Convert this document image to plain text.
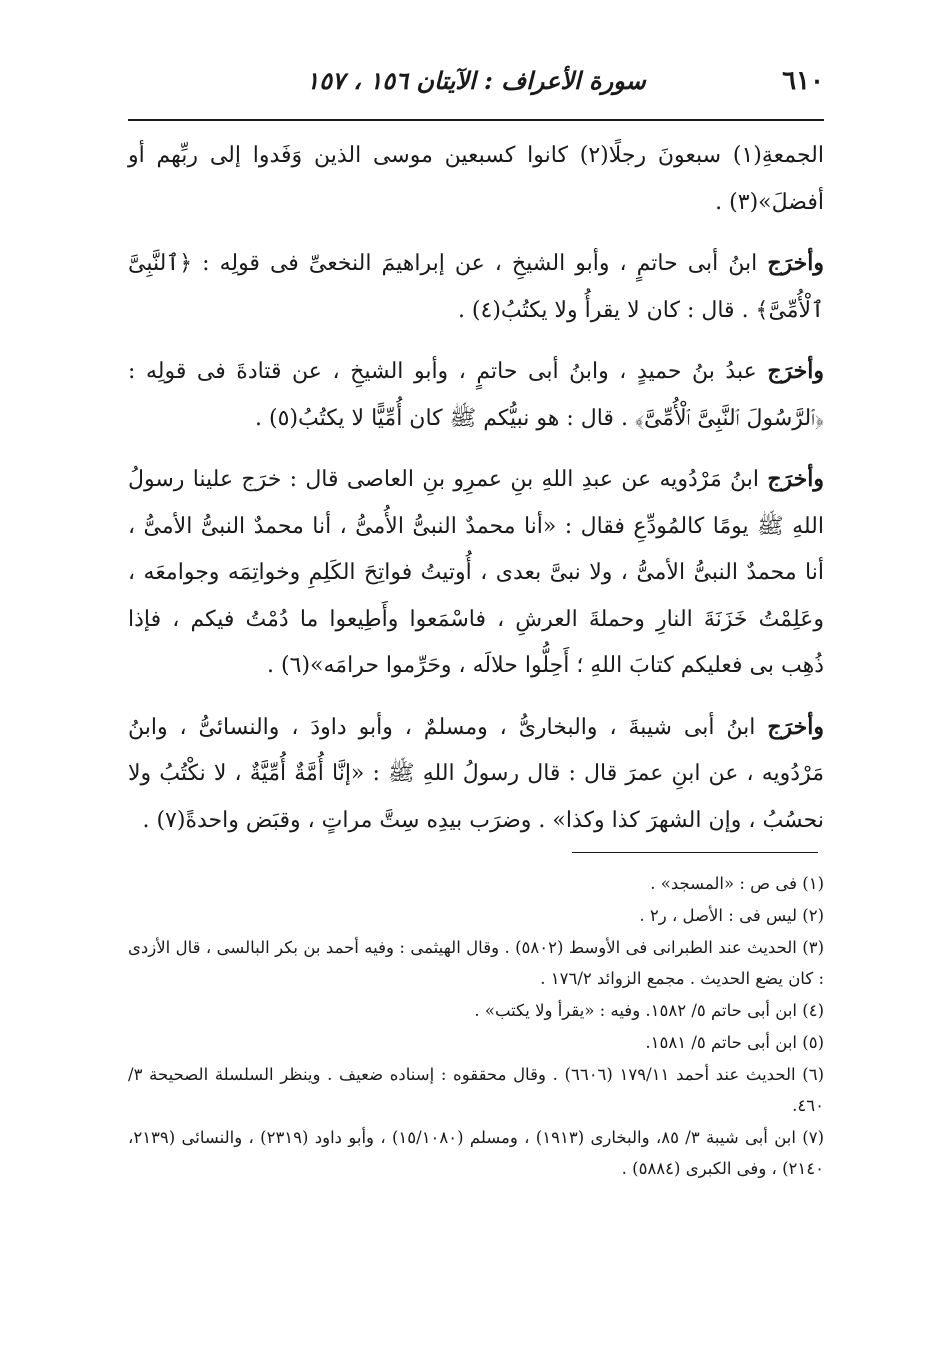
٦١٠
سورة الأعراف : الآيتان ١٥٦ ، ١٥٧

الجمعةِ(١) سبعونَ رجلًا(٢) كانوا كسبعين موسى الذين وَفَدوا إلى ربِّهم أو أفضلَ»(٣) .

وأخرَج ابنُ أبى حاتمٍ ، وأبو الشيخِ ، عن إبراهيمَ النخعىِّ فى قولِه : ﴿ٱلنَّبِىَّ ٱلْأُمِّىَّ﴾ . قال : كان لا يقرأُ ولا يكتُبُ(٤) .

وأخرَج عبدُ بنُ حميدٍ ، وابنُ أبى حاتمٍ ، وأبو الشيخِ ، عن قتادةَ فى قولِه : ﴿ٱلرَّسُولَ ٱلنَّبِىَّ ٱلْأُمِّىَّ﴾ . قال : هو نبيُّكم ﷺ كان أُمِّيًّا لا يكتُبُ(٥) .

وأخرَج ابنُ مَرْدُويه عن عبدِ اللهِ بنِ عمرِو بنِ العاصى قال : خرَج علينا رسولُ اللهِ ﷺ يومًا كالمُودِّعِ فقال : «أنا محمدٌ النبىُّ الأُمىُّ ، أنا محمدٌ النبىُّ الأمىُّ ، أنا محمدٌ النبىُّ الأمىُّ ، ولا نبىَّ بعدى ، أُوتيتُ فواتِحَ الكَلِمِ وخواتِمَه وجوامعَه ، وعَلِمْتُ خَزَنَةَ النارِ وحملةَ العرشِ ، فاسْمَعوا وأَطِيعوا ما دُمْتُ فيكم ، فإذا ذُهِب بى فعليكم كتابَ اللهِ ؛ أَحِلُّوا حلالَه ، وحَرِّموا حرامَه»(٦) .

وأخرَج ابنُ أبى شيبةَ ، والبخارىُّ ، ومسلمٌ ، وأبو داودَ ، والنسائىُّ ، وابنُ مَرْدُويه ، عن ابنِ عمرَ قال : قال رسولُ اللهِ ﷺ : «إنَّا أُمَّةٌ أُمِّيَّةٌ ، لا نكْتُبُ ولا نحسُبُ ، وإن الشهرَ كذا وكذا» . وضرَب بيدِه سِتَّ مراتٍ ، وقبَض واحدةً(٧) .

(١) فى ص : «المسجد» .

(٢) ليس فى : الأصل ، ر٢ .

(٣) الحديث عند الطبرانى فى الأوسط (٥٨٠٢) . وقال الهيثمى : وفيه أحمد بن بكر البالسى ، قال الأزدى : كان يضع الحديث . مجمع الزوائد ١٧٦/٢ .

(٤) ابن أبى حاتم ٥/ ١٥٨٢. وفيه : «يقرأ ولا يكتب» .

(٥) ابن أبى حاتم ٥/ ١٥٨١.

(٦) الحديث عند أحمد ١٧٩/١١ (٦٦٠٦) . وقال محققوه : إسناده ضعيف . وينظر السلسلة الصحيحة ٣/ ٤٦٠.

(٧) ابن أبى شيبة ٣/ ٨٥، والبخارى (١٩١٣) ، ومسلم (١٥/١٠٨٠) ، وأبو داود (٢٣١٩) ، والنسائى (٢١٣٩، ٢١٤٠) ، وفى الكبرى (٥٨٨٤) .
